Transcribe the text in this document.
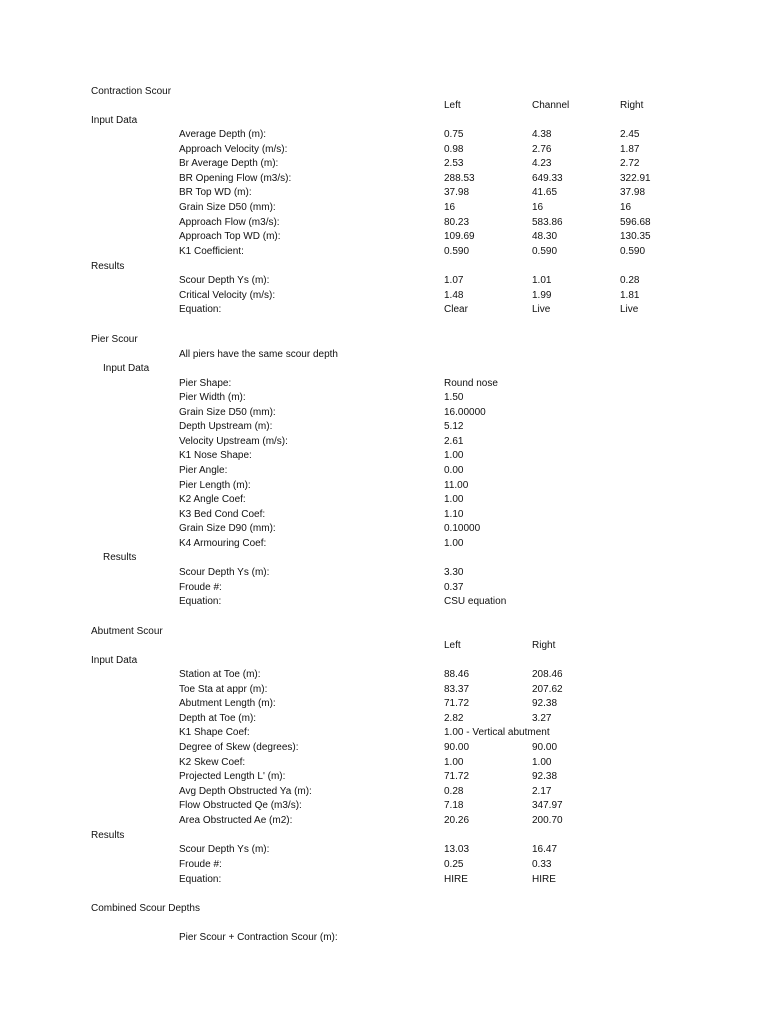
Contraction Scour
Left	Channel	Right
Input Data
Average Depth (m):	0.75	4.38	2.45
Approach Velocity (m/s):	0.98	2.76	1.87
Br Average Depth (m):	2.53	4.23	2.72
BR Opening Flow (m3/s):	288.53	649.33	322.91
BR Top WD (m):	37.98	41.65	37.98
Grain Size D50 (mm):	16	16	16
Approach Flow (m3/s):	80.23	583.86	596.68
Approach Top WD (m):	109.69	48.30	130.35
K1 Coefficient:	0.590	0.590	0.590
Results
Scour Depth Ys (m):	1.07	1.01	0.28
Critical Velocity (m/s):	1.48	1.99	1.81
Equation:	Clear	Live	Live
Pier Scour
All piers have the same scour depth
Input Data
Pier Shape:	Round nose
Pier Width (m):	1.50
Grain Size D50 (mm):	16.00000
Depth Upstream (m):	5.12
Velocity Upstream (m/s):	2.61
K1 Nose Shape:	1.00
Pier Angle:	0.00
Pier Length (m):	11.00
K2 Angle Coef:	1.00
K3 Bed Cond Coef:	1.10
Grain Size D90 (mm):	0.10000
K4 Armouring Coef:	1.00
Results
Scour Depth Ys (m):	3.30
Froude #:	0.37
Equation:	CSU equation
Abutment Scour
Left	Right
Input Data
Station at Toe (m):	88.46	208.46
Toe Sta at appr (m):	83.37	207.62
Abutment Length (m):	71.72	92.38
Depth at Toe (m):	2.82	3.27
K1 Shape Coef:	1.00 - Vertical abutment
Degree of Skew (degrees):	90.00	90.00
K2 Skew Coef:	1.00	1.00
Projected Length L' (m):	71.72	92.38
Avg Depth Obstructed Ya (m):	0.28	2.17
Flow Obstructed Qe (m3/s):	7.18	347.97
Area Obstructed Ae (m2):	20.26	200.70
Results
Scour Depth Ys (m):	13.03	16.47
Froude #:	0.25	0.33
Equation:	HIRE	HIRE
Combined Scour Depths
Pier Scour + Contraction Scour (m):
